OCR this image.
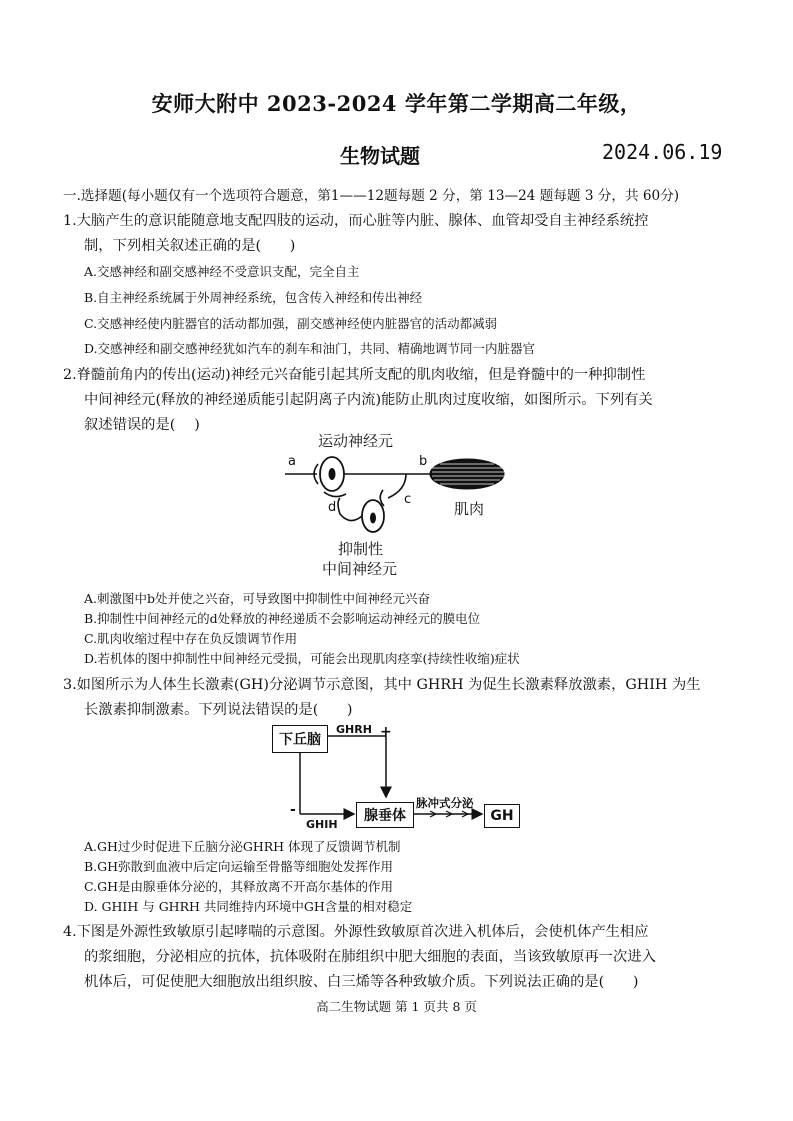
安师大附中 2023-2024 学年第二学期高二年级，
生物试题	2024.06.19
一.选择题(每小题仅有一个选项符合题意，第1——12题每题 2 分，第 13—24 题每题 3 分，共 60分)
1.大脑产生的意识能随意地支配四肢的运动，而心脏等内脏、腺体、血管却受自主神经系统控
制，下列相关叙述正确的是(　　)
A.交感神经和副交感神经不受意识支配，完全自主
B.自主神经系统属于外周神经系统，包含传入神经和传出神经
C.交感神经使内脏器官的活动都加强，副交感神经使内脏器官的活动都减弱
D.交感神经和副交感神经犹如汽车的刹车和油门，共同、精确地调节同一内脏器官
2.脊髓前角内的传出(运动)神经元兴奋能引起其所支配的肌肉收缩，但是脊髓中的一种抑制性
中间神经元(释放的神经递质能引起阴离子内流)能防止肌肉过度收缩，如图所示。下列有关
叙述错误的是(　 )
运动神经元
a	b
c
d	肌肉
抑制性
中间神经元
A.刺激图中b处并使之兴奋，可导致图中抑制性中间神经元兴奋
B.抑制性中间神经元的d处释放的神经递质不会影响运动神经元的膜电位
C.肌肉收缩过程中存在负反馈调节作用
D.若机体的图中抑制性中间神经元受损，可能会出现肌肉痉挛(持续性收缩)症状
3.如图所示为人体生长激素(GH)分泌调节示意图，其中 GHRH 为促生长激素释放激素，GHIH 为生
长激素抑制激素。下列说法错误的是(　　)
下丘脑
腺垂体	GH
GHRH +
-
GHIH
脉冲式分泌
A.GH过少时促进下丘脑分泌GHRH 体现了反馈调节机制
B.GH弥散到血液中后定向运输至骨骼等细胞处发挥作用
C.GH是由腺垂体分泌的，其释放离不开高尔基体的作用
D. GHIH 与 GHRH 共同维持内环境中GH含量的相对稳定
4.下图是外源性致敏原引起哮喘的示意图。外源性致敏原首次进入机体后，会使机体产生相应
的浆细胞，分泌相应的抗体，抗体吸附在肺组织中肥大细胞的表面，当该致敏原再一次进入
机体后，可促使肥大细胞放出组织胺、白三烯等各种致敏介质。下列说法正确的是(　　)
高二生物试题 第 1 页共 8 页
